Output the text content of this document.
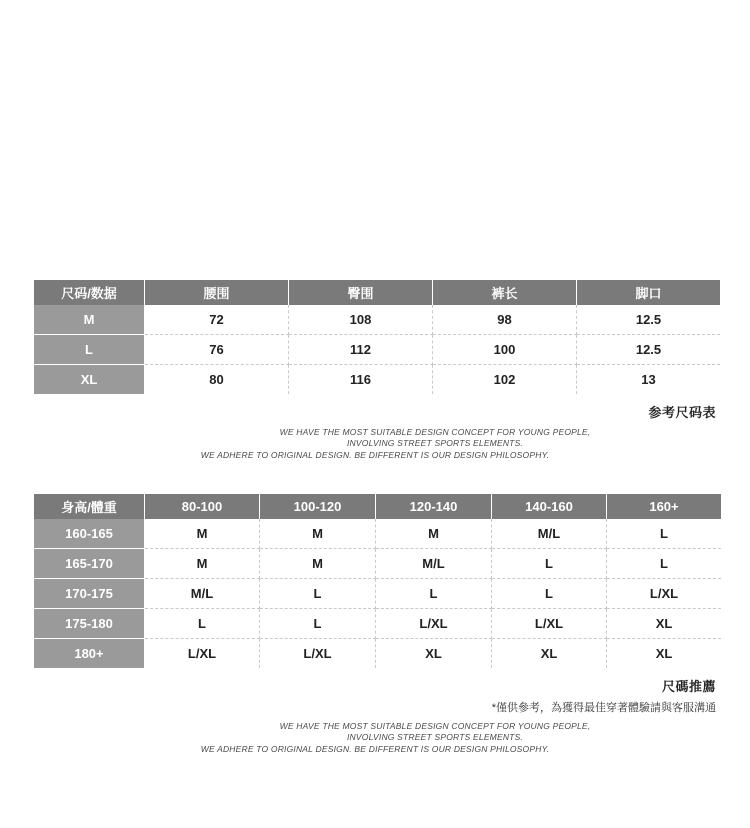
尺码/数据	腰围	臀围	裤长	脚口
M	72	108	98	12.5
L	76	112	100	12.5
XL	80	116	102	13
参考尺码表
WE HAVE THE MOST SUITABLE DESIGN CONCEPT FOR YOUNG PEOPLE,
INVOLVING STREET SPORTS ELEMENTS.
WE ADHERE TO ORIGINAL DESIGN. BE DIFFERENT IS OUR DESIGN PHILOSOPHY.
身高/體重	80-100	100-120	120-140	140-160	160+
160-165	M	M	M	M/L	L
165-170	M	M	M/L	L	L
170-175	M/L	L	L	L	L/XL
175-180	L	L	L/XL	L/XL	XL
180+	L/XL	L/XL	XL	XL	XL
尺碼推薦
*僅供參考，為獲得最佳穿著體驗請與客服溝通
WE HAVE THE MOST SUITABLE DESIGN CONCEPT FOR YOUNG PEOPLE,
INVOLVING STREET SPORTS ELEMENTS.
WE ADHERE TO ORIGINAL DESIGN. BE DIFFERENT IS OUR DESIGN PHILOSOPHY.
